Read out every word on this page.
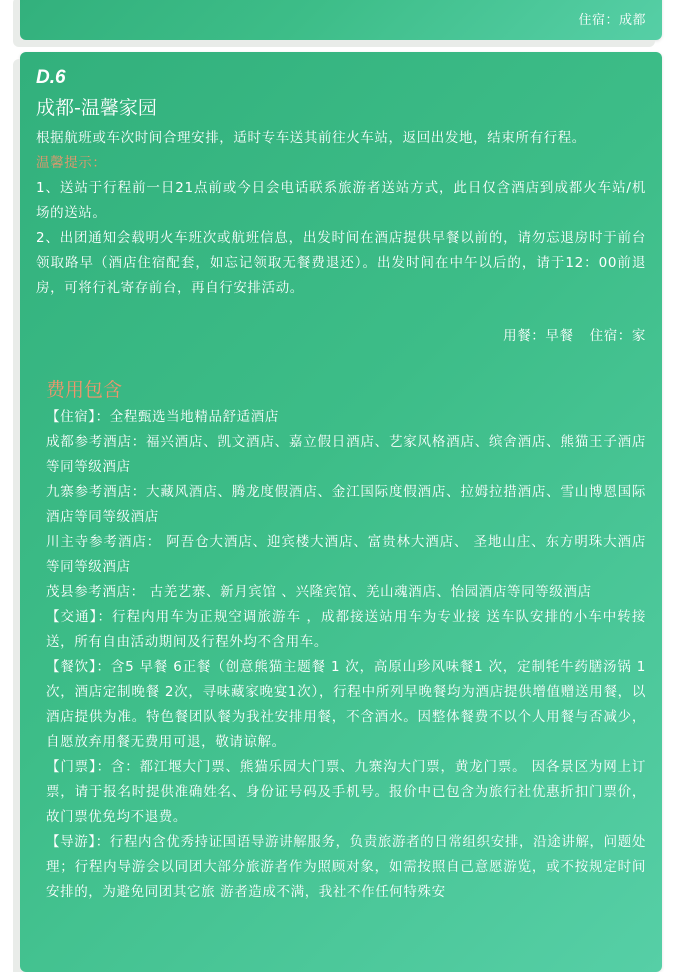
住宿：成都
D.6
成都-温馨家园

根据航班或车次时间合理安排，适时专车送其前往火车站，返回出发地，结束所有行程。

温馨提示：

1、送站于行程前一日21点前或今日会电话联系旅游者送站方式，此日仅含酒店到成都火车站/机场的送站。

2、出团通知会载明火车班次或航班信息，出发时间在酒店提供早餐以前的，请勿忘退房时于前台领取路早（酒店住宿配套，如忘记领取无餐费退还）。出发时间在中午以后的，请于12：00前退房，可将行礼寄存前台，再自行安排活动。

用餐：早餐 住宿：家
费用包含

【住宿】：全程甄选当地精品舒适酒店

成都参考酒店：福兴酒店、凯文酒店、嘉立假日酒店、艺家风格酒店、缤舍酒店、熊猫王子酒店等同等级酒店

九寨参考酒店：大藏风酒店、腾龙度假酒店、金江国际度假酒店、拉姆拉措酒店、雪山博恩国际酒店等同等级酒店

川主寺参考酒店： 阿吾仓大酒店、迎宾楼大酒店、富贵林大酒店、 圣地山庄、东方明珠大酒店等同等级酒店

茂县参考酒店： 古羌艺寨、新月宾馆 、兴隆宾馆、羌山魂酒店、怡园酒店等同等级酒店

【交通】：行程内用车为正规空调旅游车 ，成都接送站用车为专业接 送车队安排的小车中转接送，所有自由活动期间及行程外均不含用车。

【餐饮】：含5 早餐 6正餐（创意熊猫主题餐 1 次，高原山珍风味餐1 次，定制牦牛药膳汤锅 1 次，酒店定制晚餐 2次，寻味藏家晚宴1次），行程中所列早晚餐均为酒店提供增值赠送用餐，以酒店提供为准。特色餐团队餐为我社安排用餐，不含酒水。因整体餐费不以个人用餐与否减少，自愿放弃用餐无费用可退，敬请谅解。

【门票】：含：都江堰大门票、熊猫乐园大门票、九寨沟大门票，黄龙门票。 因各景区为网上订票，请于报名时提供准确姓名、身份证号码及手机号。报价中已包含为旅行社优惠折扣门票价，故门票优免均不退费。

【导游】：行程内含优秀持证国语导游讲解服务，负责旅游者的日常组织安排，沿途讲解，问题处理；行程内导游会以同团大部分旅游者作为照顾对象，如需按照自己意愿游览，或不按规定时间安排的，为避免同团其它旅 游者造成不满，我社不作任何特殊安
